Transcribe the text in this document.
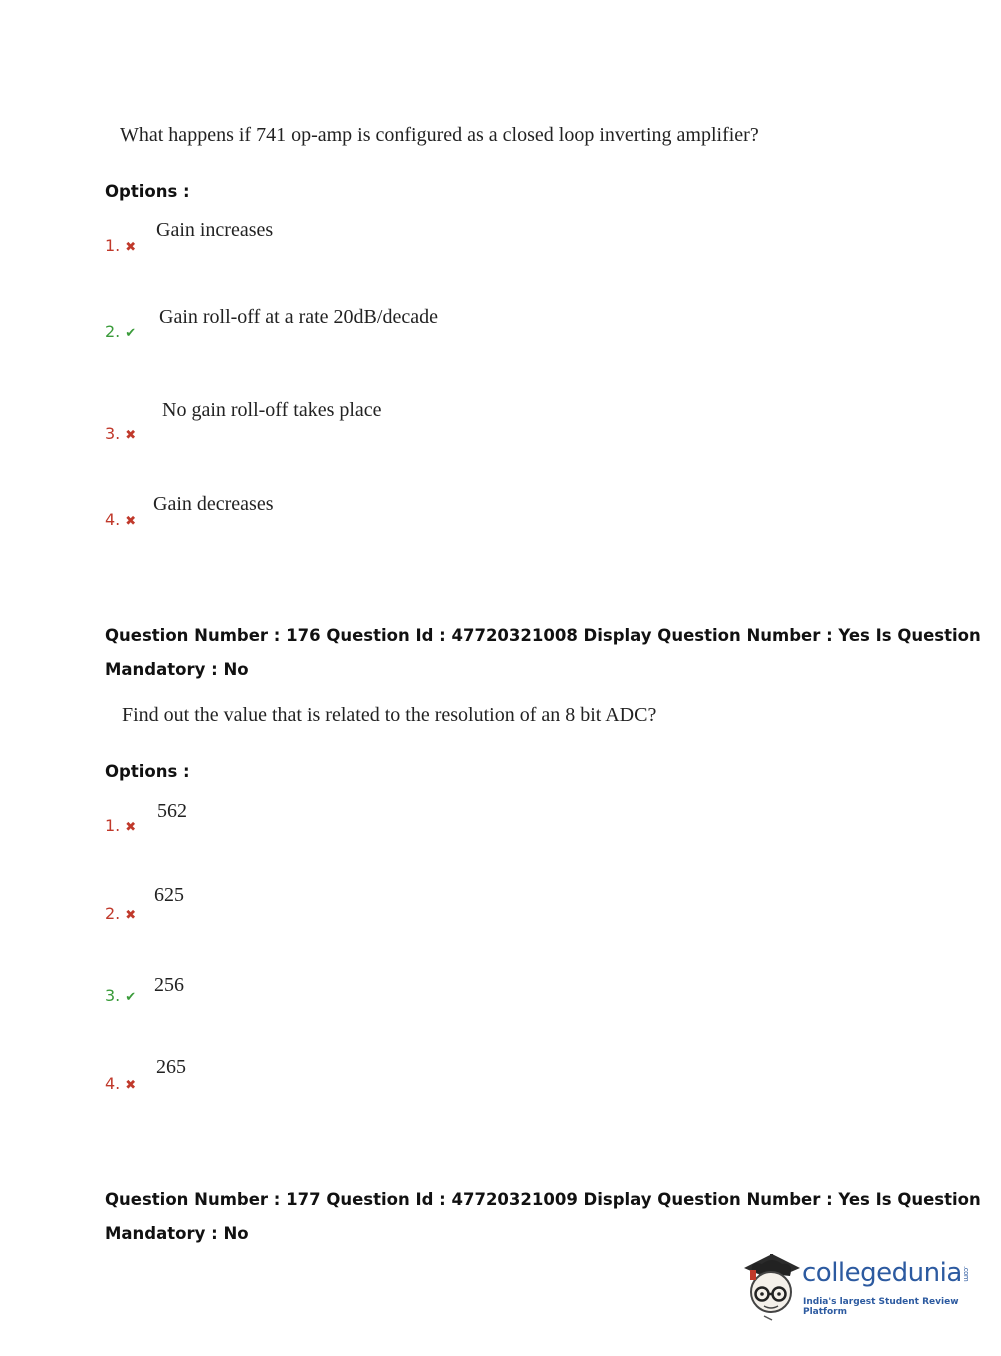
What happens if 741 op-amp is configured as a closed loop inverting amplifier?
Options :
1. ✖
Gain increases
2. ✔
Gain roll-off at a rate 20dB/decade
3. ✖
No gain roll-off takes place
4. ✖
Gain decreases
Question Number : 176 Question Id : 47720321008 Display Question Number : Yes Is Question
Mandatory : No
Find out the value that is related to the resolution of an 8 bit ADC?
Options :
1. ✖
562
2. ✖
625
3. ✔
256
4. ✖
265
Question Number : 177 Question Id : 47720321009 Display Question Number : Yes Is Question
Mandatory : No
collegedunia.com
India's largest Student Review Platform
